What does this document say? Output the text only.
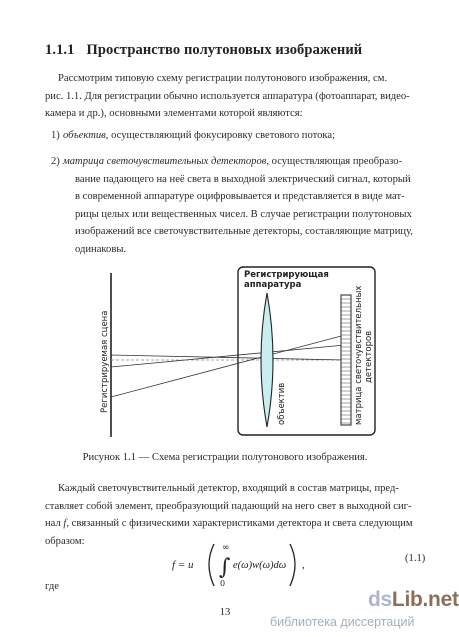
1.1.1 Пространство полутоновых изображений
Рассмотрим типовую схему регистрации полутонового изображения, см.
рис. 1.1. Для регистрации обычно используется аппаратура (фотоаппарат, видео-
камера и др.), основными элементами которой являются:
1) объектив, осуществляющий фокусировку светового потока;
2) матрица светочувствительных детекторов, осуществляющая преобразо-
вание падающего на неё света в выходной электрический сигнал, который
в современной аппаратуре оцифровывается и представляется в виде мат-
рицы целых или вещественных чисел. В случае регистрации полутоновых
изображений все светочувствительные детекторы, составляющие матрицу,
одинаковы.
Регистрируемая сцена
Регистрирующая
аппаратура
объектив	матрица светочувствительных детекторов
Рисунок 1.1 — Схема регистрации полутонового изображения.
Каждый светочувствительный детектор, входящий в состав матрицы, пред-
ставляет собой элемент, преобразующий падающий на него свет в выходной сиг-
нал f, связанный с физическими характеристиками детектора и света следующим
образом:
f = u
∞
∫
0
e(ω)w(ω)dω ,
(1.1)
где
13
dsLib.net
библиотека диссертаций
